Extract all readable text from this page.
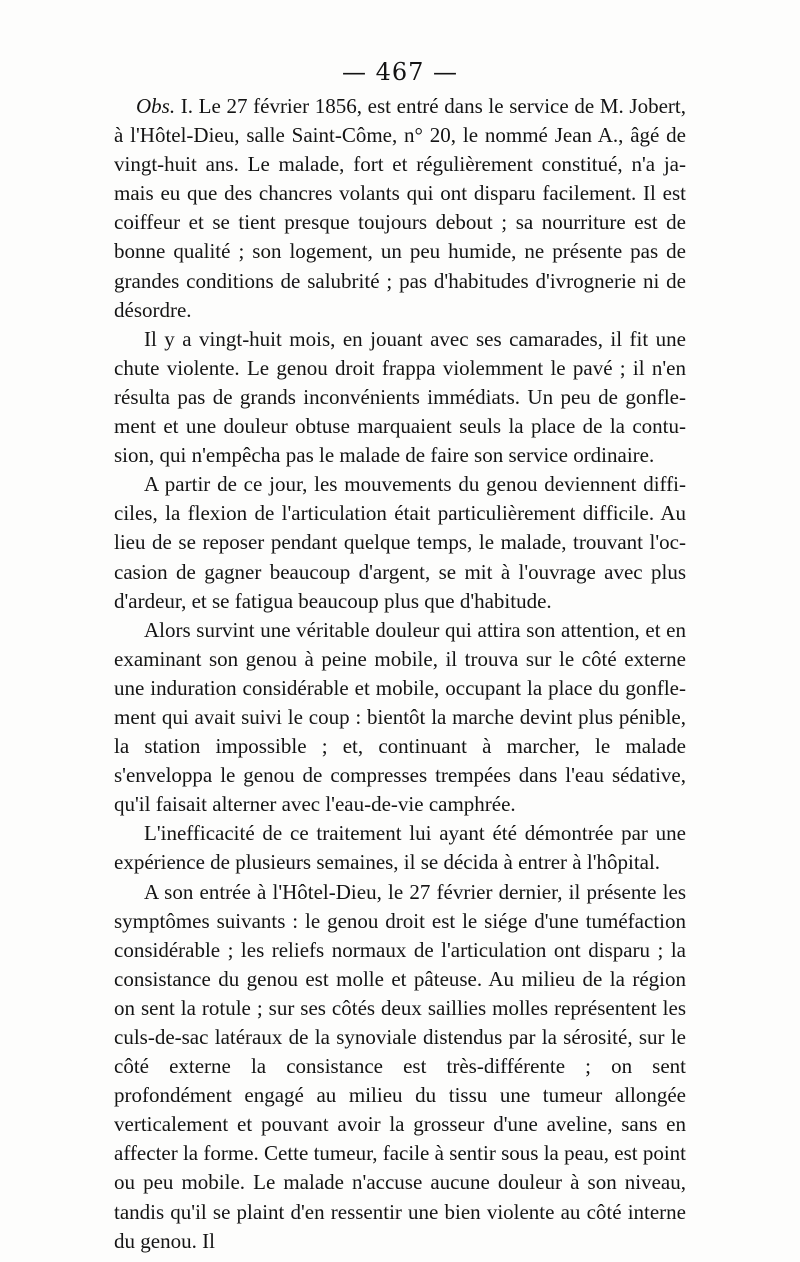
— 467 —

Obs. I. Le 27 février 1856, est entré dans le service de M. Jobert, à l'Hôtel-Dieu, salle Saint-Côme, n° 20, le nommé Jean A., âgé de vingt-huit ans. Le malade, fort et régulièrement constitué, n'a jamais eu que des chancres volants qui ont disparu facilement. Il est coiffeur et se tient presque toujours debout ; sa nourriture est de bonne qualité ; son logement, un peu humide, ne présente pas de grandes conditions de salubrité ; pas d'habitudes d'ivrognerie ni de désordre.

Il y a vingt-huit mois, en jouant avec ses camarades, il fit une chute violente. Le genou droit frappa violemment le pavé ; il n'en résulta pas de grands inconvénients immédiats. Un peu de gonflement et une douleur obtuse marquaient seuls la place de la contusion, qui n'empêcha pas le malade de faire son service ordinaire.

A partir de ce jour, les mouvements du genou deviennent difficiles, la flexion de l'articulation était particulièrement difficile. Au lieu de se reposer pendant quelque temps, le malade, trouvant l'occasion de gagner beaucoup d'argent, se mit à l'ouvrage avec plus d'ardeur, et se fatigua beaucoup plus que d'habitude.

Alors survint une véritable douleur qui attira son attention, et en examinant son genou à peine mobile, il trouva sur le côté externe une induration considérable et mobile, occupant la place du gonflement qui avait suivi le coup : bientôt la marche devint plus pénible, la station impossible ; et, continuant à marcher, le malade s'enveloppa le genou de compresses trempées dans l'eau sédative, qu'il faisait alterner avec l'eau-de-vie camphrée.

L'inefficacité de ce traitement lui ayant été démontrée par une expérience de plusieurs semaines, il se décida à entrer à l'hôpital.

A son entrée à l'Hôtel-Dieu, le 27 février dernier, il présente les symptômes suivants : le genou droit est le siége d'une tuméfaction considérable ; les reliefs normaux de l'articulation ont disparu ; la consistance du genou est molle et pâteuse. Au milieu de la région on sent la rotule ; sur ses côtés deux saillies molles représentent les culs-de-sac latéraux de la synoviale distendus par la sérosité, sur le côté externe la consistance est très-différente ; on sent profondément engagé au milieu du tissu une tumeur allongée verticalement et pouvant avoir la grosseur d'une aveline, sans en affecter la forme. Cette tumeur, facile à sentir sous la peau, est point ou peu mobile. Le malade n'accuse aucune douleur à son niveau, tandis qu'il se plaint d'en ressentir une bien violente au côté interne du genou. Il
